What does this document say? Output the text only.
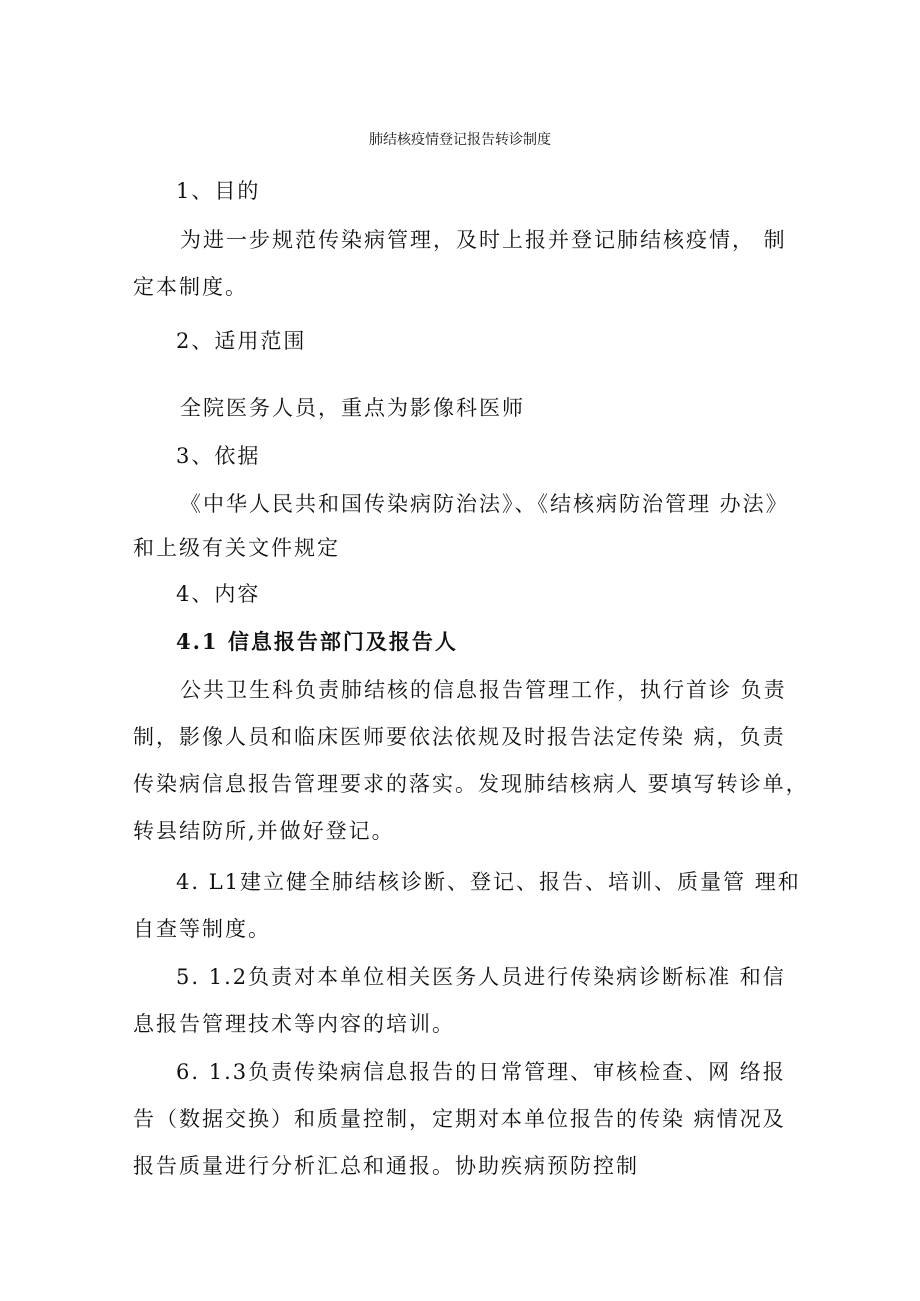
肺结核疫情登记报告转诊制度
1、目的
为进一步规范传染病管理，及时上报并登记肺结核疫情， 制
定本制度。
2、适用范围
全院医务人员，重点为影像科医师
3、依据
《中华人民共和国传染病防治法》、《结核病防治管理 办法》
和上级有关文件规定
4、内容
4.1 信息报告部门及报告人
公共卫生科负责肺结核的信息报告管理工作，执行首诊 负责
制，影像人员和临床医师要依法依规及时报告法定传染 病，负责
传染病信息报告管理要求的落实。发现肺结核病人 要填写转诊单，
转县结防所,并做好登记。
4. L1建立健全肺结核诊断、登记、报告、培训、质量管 理和
自查等制度。
5. 1.2负责对本单位相关医务人员进行传染病诊断标准 和信
息报告管理技术等内容的培训。
6. 1.3负责传染病信息报告的日常管理、审核检查、网 络报
告（数据交换）和质量控制，定期对本单位报告的传染 病情况及
报告质量进行分析汇总和通报。协助疾病预防控制
